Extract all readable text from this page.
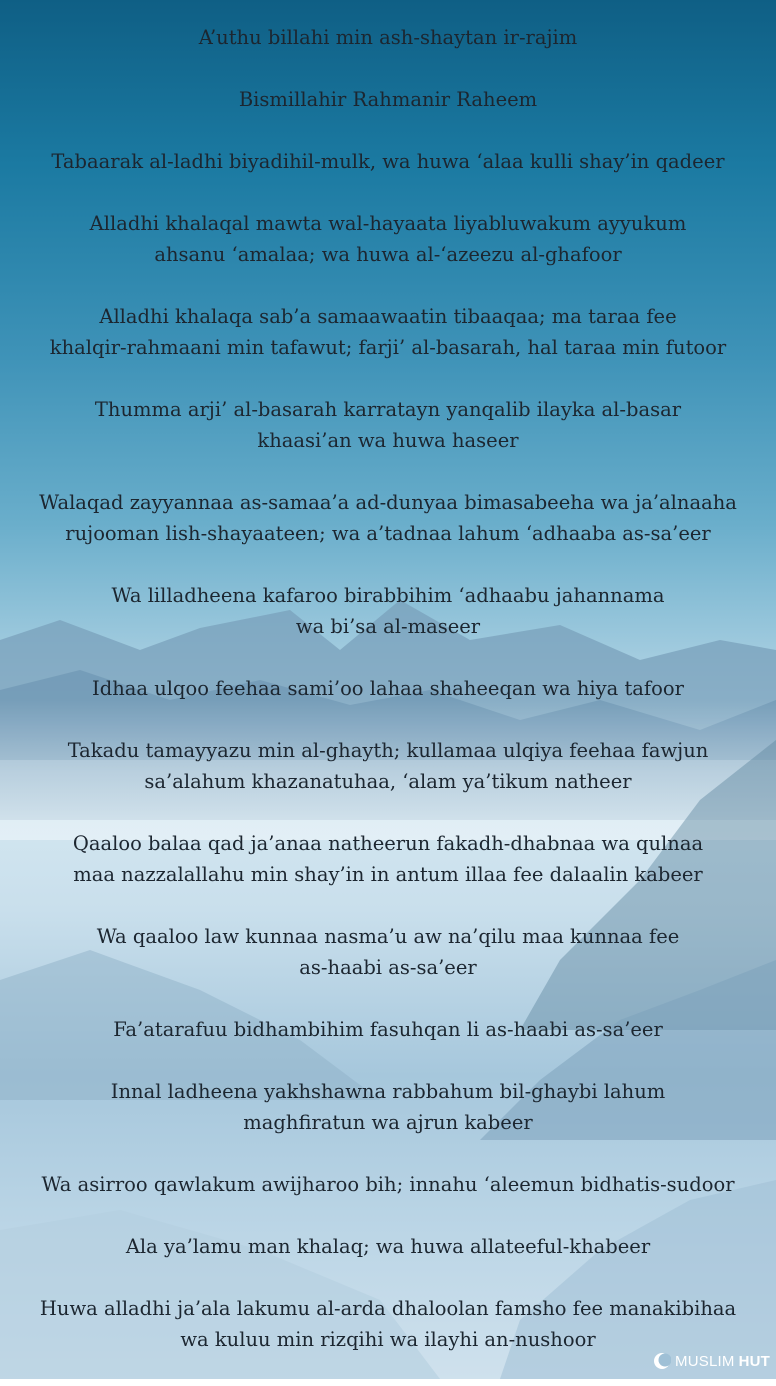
A’uthu billahi min ash-shaytan ir-rajim
Bismillahir Rahmanir Raheem
Tabaarak al-ladhi biyadihil-mulk, wa huwa ‘alaa kulli shay’in qadeer
Alladhi khalaqal mawta wal-hayaata liyabluwakum ayyukum
ahsanu ‘amalaa; wa huwa al-‘azeezu al-ghafoor
Alladhi khalaqa sab’a samaawaatin tibaaqaa; ma taraa fee
khalqir-rahmaani min tafawut; farji’ al-basarah, hal taraa min futoor
Thumma arji’ al-basarah karratayn yanqalib ilayka al-basar
khaasi’an wa huwa haseer
Walaqad zayyannaa as-samaa’a ad-dunyaa bimasabeeha wa ja’alnaaha
rujooman lish-shayaateen; wa a’tadnaa lahum ‘adhaaba as-sa’eer
Wa lilladheena kafaroo birabbihim ‘adhaabu jahannama
wa bi’sa al-maseer
Idhaa ulqoo feehaa sami’oo lahaa shaheeqan wa hiya tafoor
Takadu tamayyazu min al-ghayth; kullamaa ulqiya feehaa fawjun
sa’alahum khazanatuhaa, ‘alam ya’tikum natheer
Qaaloo balaa qad ja’anaa natheerun fakadh-dhabnaa wa qulnaa
maa nazzalallahu min shay’in in antum illaa fee dalaalin kabeer
Wa qaaloo law kunnaa nasma’u aw na’qilu maa kunnaa fee
as-haabi as-sa’eer
Fa’atarafuu bidhambihim fasuhqan li as-haabi as-sa’eer
Innal ladheena yakhshawna rabbahum bil-ghaybi lahum
maghfiratun wa ajrun kabeer
Wa asirroo qawlakum awijharoo bih; innahu ‘aleemun bidhatis-sudoor
Ala ya’lamu man khalaq; wa huwa allateeful-khabeer
Huwa alladhi ja’ala lakumu al-arda dhaloolan famsho fee manakibihaa
wa kuluu min rizqihi wa ilayhi an-nushoor
MUSLIM HUT
